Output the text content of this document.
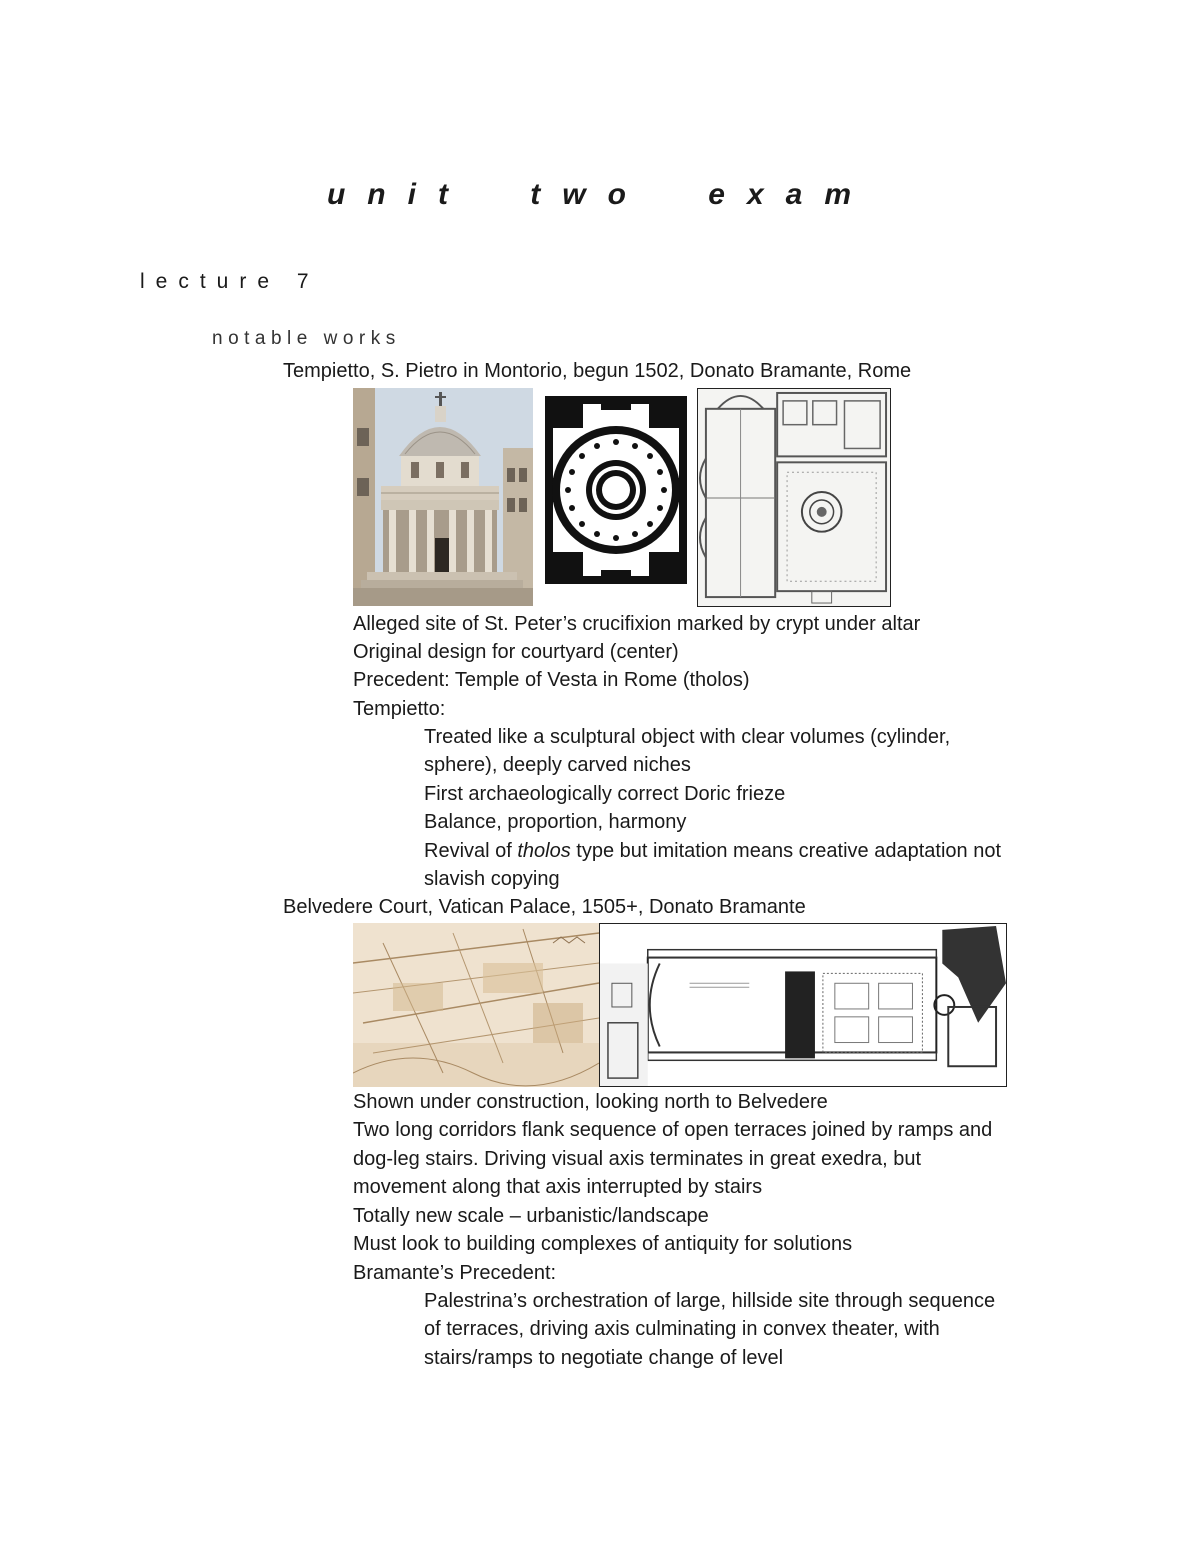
unit two exam
lecture 7
notable works
Tempietto, S. Pietro in Montorio, begun 1502, Donato Bramante, Rome
Alleged site of St. Peter’s crucifixion marked by crypt under altar
Original design for courtyard (center)
Precedent: Temple of Vesta in Rome (tholos)
Tempietto:
Treated like a sculptural object with clear volumes (cylinder,
sphere), deeply carved niches
First archaeologically correct Doric frieze
Balance, proportion, harmony
Revival of tholos type but imitation means creative adaptation not
slavish copying
Belvedere Court, Vatican Palace, 1505+, Donato Bramante
Shown under construction, looking north to Belvedere
Two long corridors flank sequence of open terraces joined by ramps and
dog-leg stairs. Driving visual axis terminates in great exedra, but
movement along that axis interrupted by stairs
Totally new scale – urbanistic/landscape
Must look to building complexes of antiquity for solutions
Bramante’s Precedent:
Palestrina’s orchestration of large, hillside site through sequence
of terraces, driving axis culminating in convex theater, with
stairs/ramps to negotiate change of level
